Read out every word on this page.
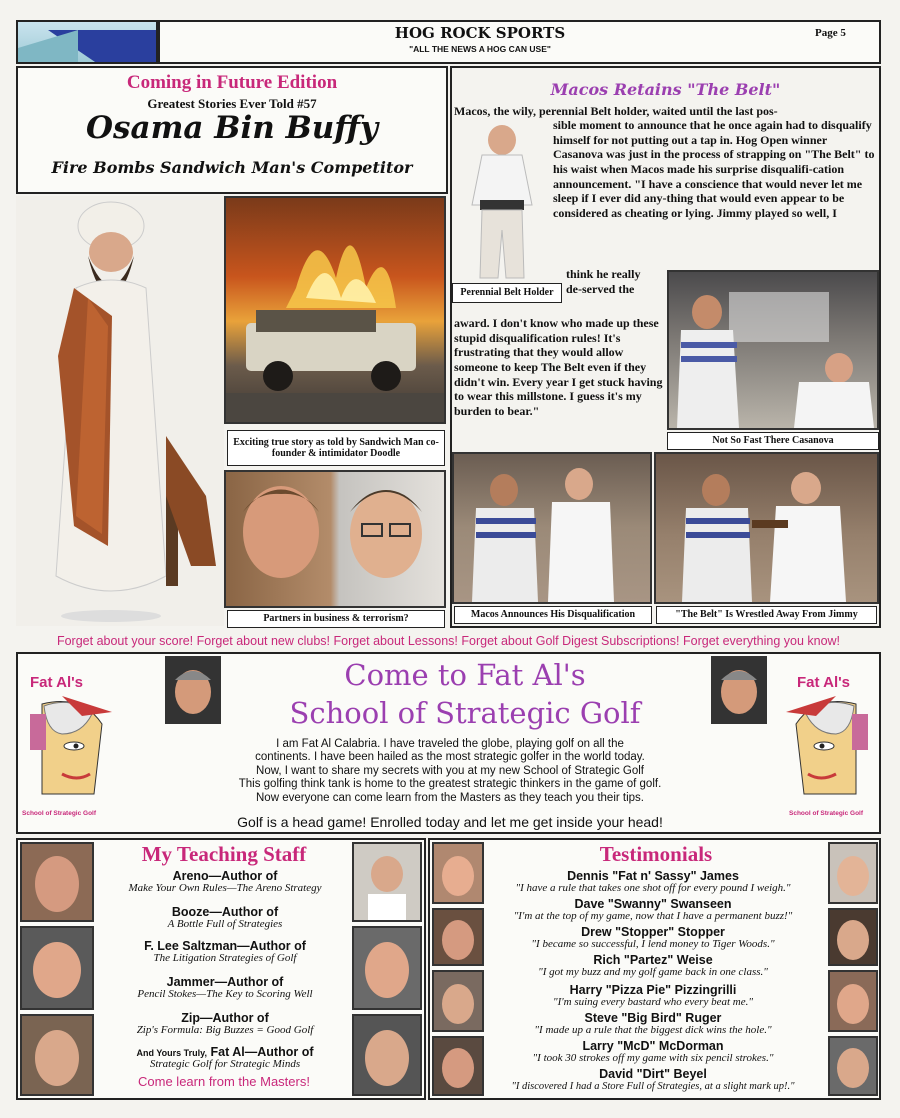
HOG ROCK SPORTS
"ALL THE NEWS A HOG CAN USE"
Page 5
Coming in Future Edition
Greatest Stories Ever Told #57
Osama Bin Buffy
Fire Bombs Sandwich Man's Competitor
Exciting true story as told by Sandwich Man co-founder & intimidator Doodle
Partners in business & terrorism?
Macos Retains "The Belt"
Macos, the wily, perennial Belt holder, waited until the last pos-
Perennial Belt Holder
sible moment to announce that he once again had to disqualify himself for not putting out a tap in. Hog Open winner Casanova was just in the process of strapping on "The Belt" to his waist when Macos made his surprise disqualifi-cation announcement. "I have a conscience that would never let me sleep if I ever did any-thing that would even appear to be considered as cheating or lying. Jimmy played so well, I
think he really de-served the
award. I don't know who made up these stupid disqualification rules! It's frustrating that they would allow someone to keep The Belt even if they didn't win. Every year I get stuck having to wear this millstone. I guess it's my burden to bear."
Not So Fast There Casanova
Macos Announces His Disqualification	"The Belt" Is Wrestled Away From Jimmy
Forget about your score! Forget about new clubs! Forget about Lessons! Forget about Golf Digest Subscriptions! Forget everything you know!
Fat Al's
School of Strategic Golf
Fat Al's
School of Strategic Golf
Come to Fat Al's
School of Strategic Golf
I am Fat Al Calabria. I have traveled the globe, playing golf on all the
continents. I have been hailed as the most strategic golfer in the world today.
Now, I want to share my secrets with you at my new School of Strategic Golf
This golfing think tank is home to the greatest strategic thinkers in the game of golf.
Now everyone can come learn from the Masters as they teach you their tips.
Golf is a head game! Enrolled today and let me get inside your head!
My Teaching Staff
Areno—Author of
Make Your Own Rules—The Areno Strategy
Booze—Author of
A Bottle Full of Strategies
F. Lee Saltzman—Author of
The Litigation Strategies of Golf
Jammer—Author of
Pencil Stokes—The Key to Scoring Well
Zip—Author of
Zip's Formula: Big Buzzes = Good Golf
And Yours Truly, Fat Al—Author of
Strategic Golf for Strategic Minds
Come learn from the Masters!
Testimonials
Dennis "Fat n' Sassy" James
"I have a rule that takes one shot off for every pound I weigh."
Dave "Swanny" Swanseen
"I'm at the top of my game, now that I have a permanent buzz!"
Drew "Stopper" Stopper
"I became so successful, I lend money to Tiger Woods."
Rich "Partez" Weise
"I got my buzz and my golf game back in one class."
Harry "Pizza Pie" Pizzingrilli
"I'm suing every bastard who every beat me."
Steve "Big Bird" Ruger
"I made up a rule that the biggest dick wins the hole."
Larry "McD" McDorman
"I took 30 strokes off my game with six pencil strokes."
David "Dirt" Beyel
"I discovered I had a Store Full of Strategies, at a slight mark up!."
